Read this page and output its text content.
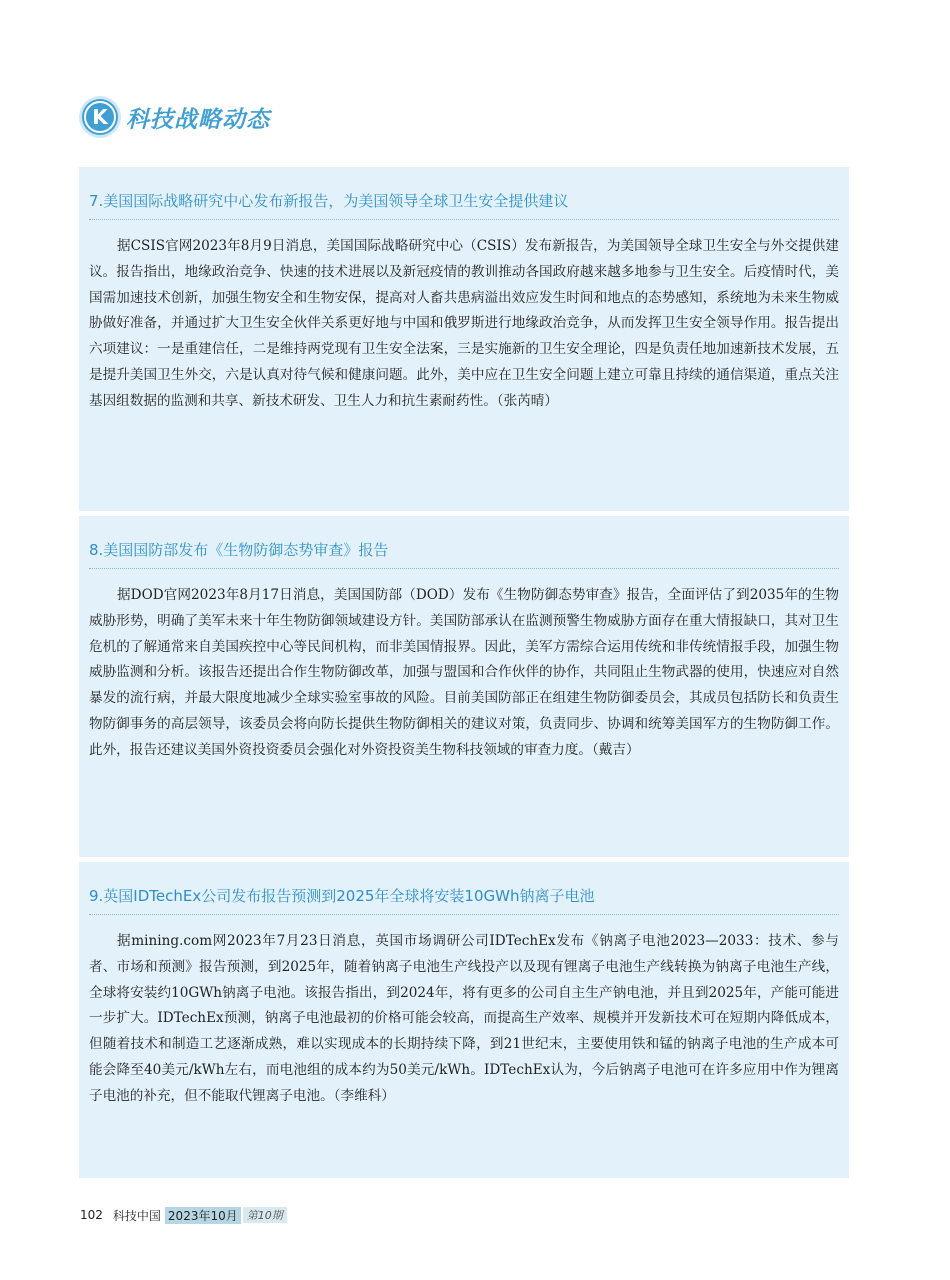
K 科技战略动态
7.美国国际战略研究中心发布新报告，为美国领导全球卫生安全提供建议
据CSIS官网2023年8月9日消息，美国国际战略研究中心（CSIS）发布新报告，为美国领导全球卫生安全与外交提供建议。报告指出，地缘政治竞争、快速的技术进展以及新冠疫情的教训推动各国政府越来越多地参与卫生安全。后疫情时代，美国需加速技术创新，加强生物安全和生物安保，提高对人畜共患病溢出效应发生时间和地点的态势感知，系统地为未来生物威胁做好准备，并通过扩大卫生安全伙伴关系更好地与中国和俄罗斯进行地缘政治竞争，从而发挥卫生安全领导作用。报告提出六项建议：一是重建信任，二是维持两党现有卫生安全法案，三是实施新的卫生安全理论，四是负责任地加速新技术发展，五是提升美国卫生外交，六是认真对待气候和健康问题。此外，美中应在卫生安全问题上建立可靠且持续的通信渠道，重点关注基因组数据的监测和共享、新技术研发、卫生人力和抗生素耐药性。（张芮晴）
8.美国国防部发布《生物防御态势审查》报告
据DOD官网2023年8月17日消息，美国国防部（DOD）发布《生物防御态势审查》报告，全面评估了到2035年的生物威胁形势，明确了美军未来十年生物防御领域建设方针。美国防部承认在监测预警生物威胁方面存在重大情报缺口，其对卫生危机的了解通常来自美国疾控中心等民间机构，而非美国情报界。因此，美军方需综合运用传统和非传统情报手段，加强生物威胁监测和分析。该报告还提出合作生物防御改革，加强与盟国和合作伙伴的协作，共同阻止生物武器的使用，快速应对自然暴发的流行病，并最大限度地减少全球实验室事故的风险。目前美国防部正在组建生物防御委员会，其成员包括防长和负责生物防御事务的高层领导，该委员会将向防长提供生物防御相关的建议对策，负责同步、协调和统筹美国军方的生物防御工作。此外，报告还建议美国外资投资委员会强化对外资投资美生物科技领域的审查力度。（戴吉）
9.英国IDTechEx公司发布报告预测到2025年全球将安装10GWh钠离子电池
据mining.com网2023年7月23日消息，英国市场调研公司IDTechEx发布《钠离子电池2023—2033：技术、参与者、市场和预测》报告预测，到2025年，随着钠离子电池生产线投产以及现有锂离子电池生产线转换为钠离子电池生产线，全球将安装约10GWh钠离子电池。该报告指出，到2024年，将有更多的公司自主生产钠电池，并且到2025年，产能可能进一步扩大。IDTechEx预测，钠离子电池最初的价格可能会较高，而提高生产效率、规模并开发新技术可在短期内降低成本，但随着技术和制造工艺逐渐成熟，难以实现成本的长期持续下降，到21世纪末，主要使用铁和锰的钠离子电池的生产成本可能会降至40美元/kWh左右，而电池组的成本约为50美元/kWh。IDTechEx认为，今后钠离子电池可在许多应用中作为锂离子电池的补充，但不能取代锂离子电池。（李维科）
102 科技中国 2023年10月 第10期
